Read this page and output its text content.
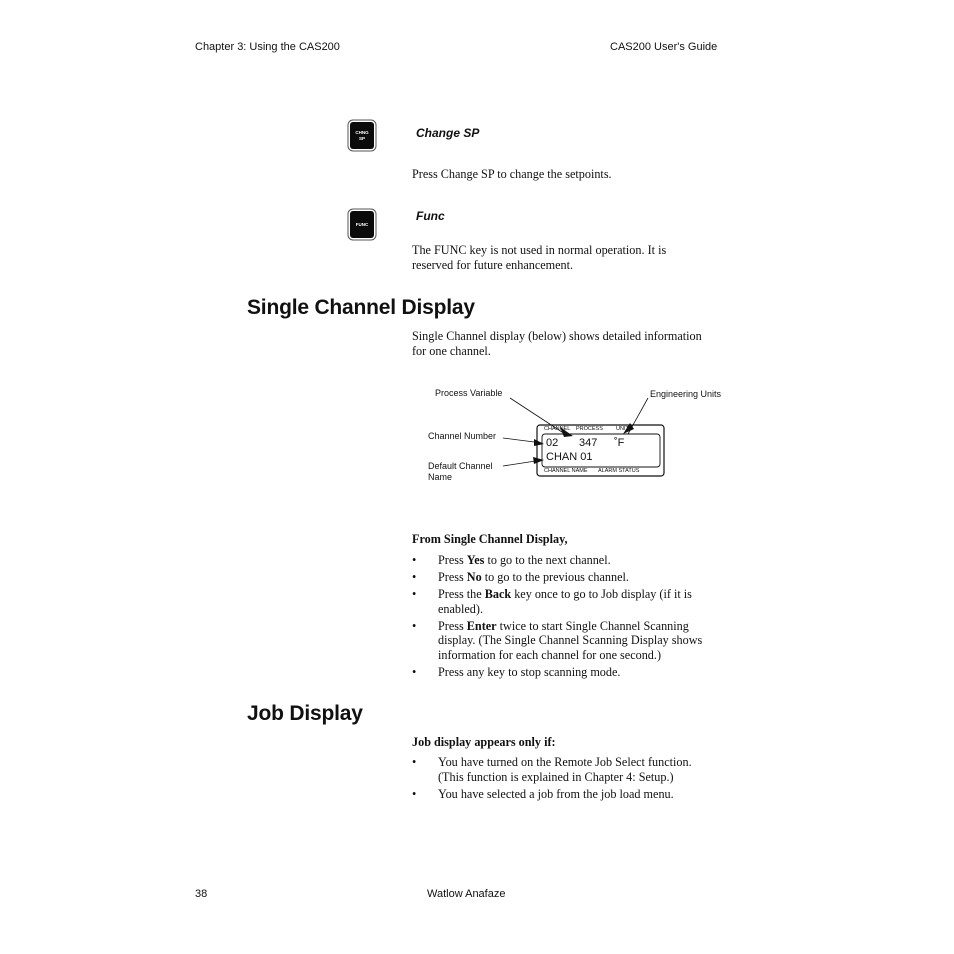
Chapter 3: Using the CAS200	CAS200 User's Guide
CHNG
SP	Change SP
Press Change SP to change the setpoints.
FUNC
Func
The FUNC key is not used in normal operation. It is
reserved for future enhancement.
Single Channel Display
Single Channel display (below) shows detailed information
for one channel.
Process Variable	Engineering Units
Channel Number
Default Channel
Name
CHANNEL PROCESS UNITS
02 347 ˚F
CHAN 01
CHANNEL NAME ALARM STATUS
From Single Channel Display,
• Press Yes to go to the next channel.
• Press No to go to the previous channel.
• Press the Back key once to go to Job display (if it is
enabled).
• Press Enter twice to start Single Channel Scanning
display. (The Single Channel Scanning Display shows
information for each channel for one second.)
• Press any key to stop scanning mode.
Job Display
Job display appears only if:
• You have turned on the Remote Job Select function.
(This function is explained in Chapter 4: Setup.)
• You have selected a job from the job load menu.
38	Watlow Anafaze
